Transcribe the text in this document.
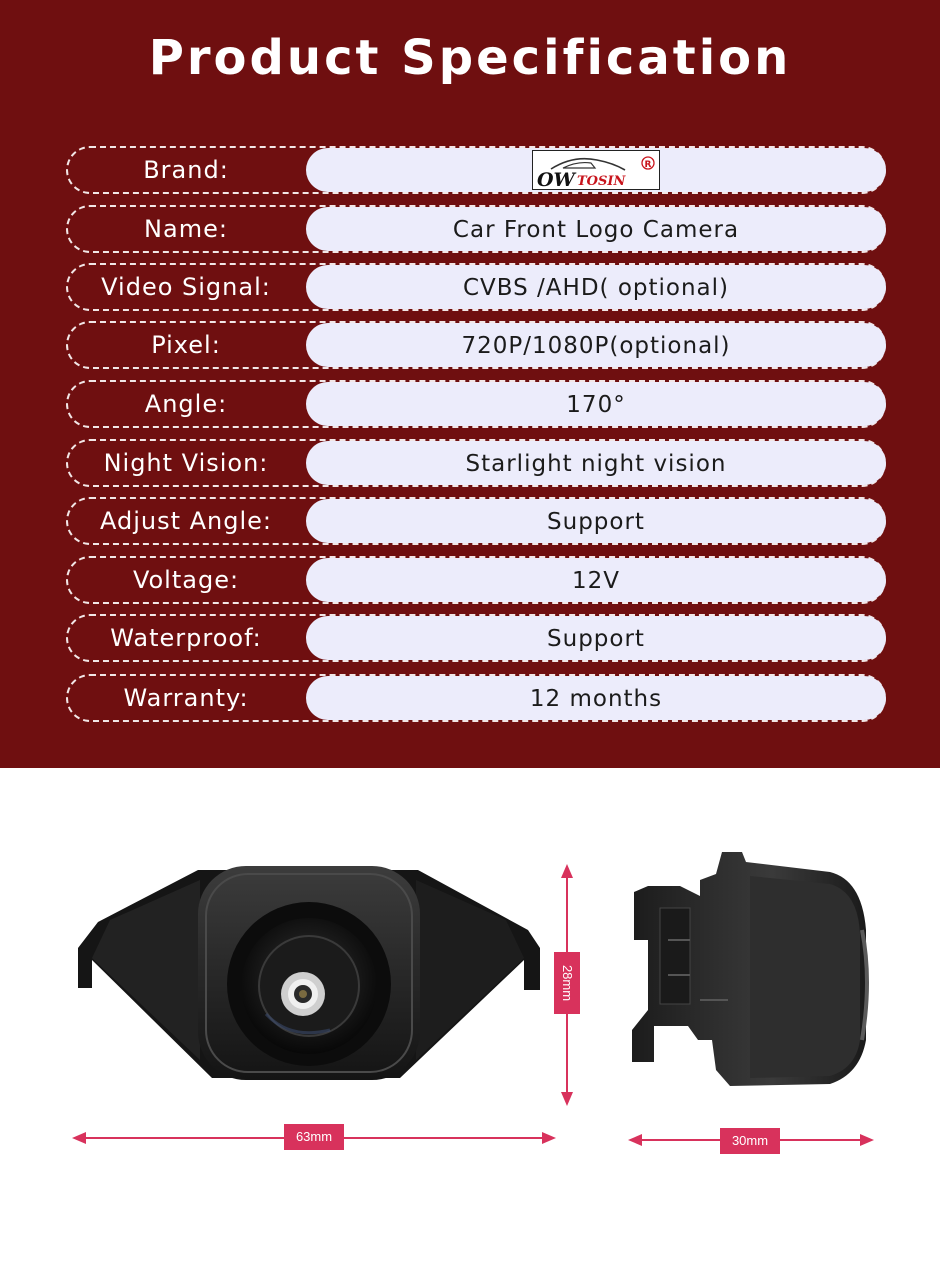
Product Specification
Brand:	OW TOSIN
R
Name:	Car Front Logo Camera
Video Signal:	CVBS /AHD( optional)
Pixel:	720P/1080P(optional)
Angle:	170°
Night Vision:	Starlight night vision
Adjust Angle:	Support
Voltage:	12V
Waterproof:	Support
Warranty:	12 months
28mm
63mm	30mm
